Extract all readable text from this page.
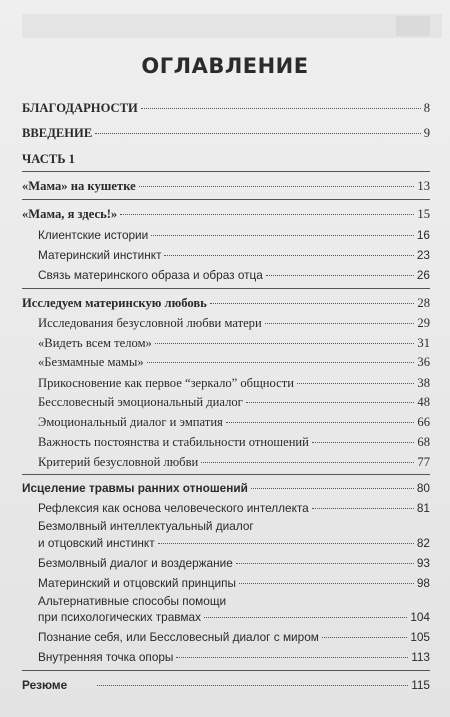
ОГЛАВЛЕНИЕ
БЛАГОДАРНОСТИ	8
ВВЕДЕНИЕ	9
ЧАСТЬ 1
«Мама» на кушетке	13
«Мама, я здесь!»	15
Клиентские истории	16
Материнский инстинкт	23
Связь материнского образа и образ отца	26
Исследуем материнскую любовь	28
Исследования безусловной любви матери	29
«Видеть всем телом»	31
«Безмамные мамы»	36
Прикосновение как первое “зеркало” общности	38
Бессловесный эмоциональный диалог	48
Эмоциональный диалог и эмпатия	66
Важность постоянства и стабильности отношений	68
Критерий безусловной любви	77
Исцеление травмы ранних отношений	80
Рефлексия как основа человеческого интеллекта	81
Безмолвный интеллектуальный диалог
и отцовский инстинкт	82
Безмолвный диалог и воздержание	93
Материнский и отцовский принципы	98
Альтернативные способы помощи
при психологических травмах	104
Познание себя, или Бессловесный диалог с миром	105
Внутренняя точка опоры	113
Резюме	115
